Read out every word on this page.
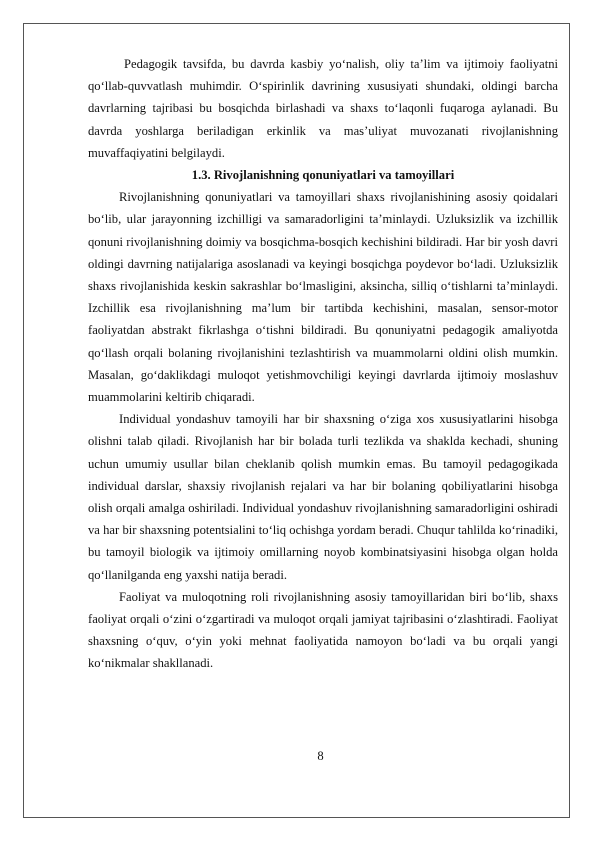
Pedagogik tavsifda, bu davrda kasbiy yo‘nalish, oliy ta’lim va ijtimoiy faoliyatni qo‘llab-quvvatlash muhimdir. O‘spirinlik davrining xususiyati shundaki, oldingi barcha davrlarning tajribasi bu bosqichda birlashadi va shaxs to‘laqonli fuqaroga aylanadi. Bu davrda yoshlarga beriladigan erkinlik va mas’uliyat muvozanati rivojlanishning muvaffaqiyatini belgilaydi.

1.3. Rivojlanishning qonuniyatlari va tamoyillari

Rivojlanishning qonuniyatlari va tamoyillari shaxs rivojlanishining asosiy qoidalari bo‘lib, ular jarayonning izchilligi va samaradorligini ta’minlaydi. Uzluksizlik va izchillik qonuni rivojlanishning doimiy va bosqichma-bosqich kechishini bildiradi. Har bir yosh davri oldingi davrning natijalariga asoslanadi va keyingi bosqichga poydevor bo‘ladi. Uzluksizlik shaxs rivojlanishida keskin sakrashlar bo‘lmasligini, aksincha, silliq o‘tishlarni ta’minlaydi. Izchillik esa rivojlanishning ma’lum bir tartibda kechishini, masalan, sensor-motor faoliyatdan abstrakt fikrlashga o‘tishni bildiradi. Bu qonuniyatni pedagogik amaliyotda qo‘llash orqali bolaning rivojlanishini tezlashtirish va muammolarni oldini olish mumkin. Masalan, go‘daklikdagi muloqot yetishmovchiligi keyingi davrlarda ijtimoiy moslashuv muammolarini keltirib chiqaradi.

Individual yondashuv tamoyili har bir shaxsning o‘ziga xos xususiyatlarini hisobga olishni talab qiladi. Rivojlanish har bir bolada turli tezlikda va shaklda kechadi, shuning uchun umumiy usullar bilan cheklanib qolish mumkin emas. Bu tamoyil pedagogikada individual darslar, shaxsiy rivojlanish rejalari va har bir bolaning qobiliyatlarini hisobga olish orqali amalga oshiriladi. Individual yondashuv rivojlanishning samaradorligini oshiradi va har bir shaxsning potentsialini to‘liq ochishga yordam beradi. Chuqur tahlilda ko‘rinadiki, bu tamoyil biologik va ijtimoiy omillarning noyob kombinatsiyasini hisobga olgan holda qo‘llanilganda eng yaxshi natija beradi.

Faoliyat va muloqotning roli rivojlanishning asosiy tamoyillaridan biri bo‘lib, shaxs faoliyat orqali o‘zini o‘zgartiradi va muloqot orqali jamiyat tajribasini o‘zlashtiradi. Faoliyat shaxsning o‘quv, o‘yin yoki mehnat faoliyatida namoyon bo‘ladi va bu orqali yangi ko‘nikmalar shakllanadi.

8
